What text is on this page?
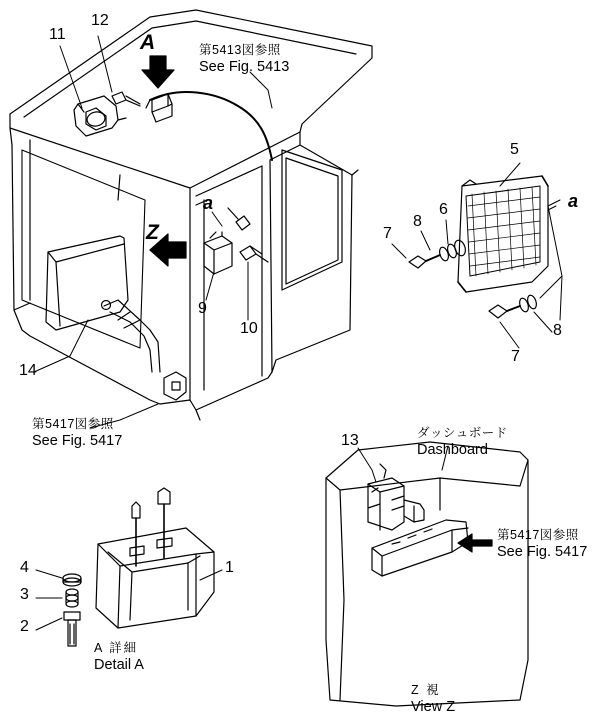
11
12
A
Z
a
9
10
14
5
a
6
8
7
8
7
13
1
4
3
2
第5413図参照
See Fig. 5413
第5417図参照
See Fig. 5417
第5417図参照
See Fig. 5417
ダッシュボード
Dashboard
A 詳細
Detail A
Z 視
View Z
